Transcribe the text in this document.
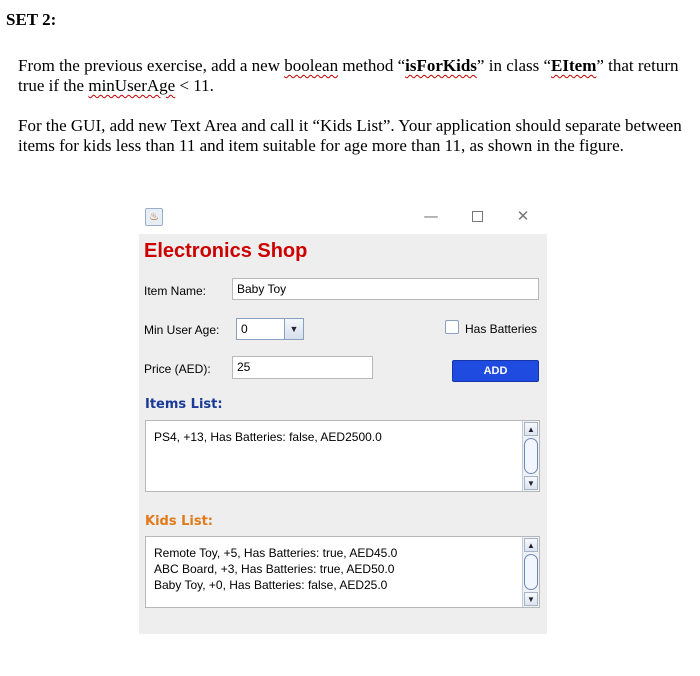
SET 2:
From the previous exercise, add a new boolean method “isForKids” in class “EItem” that return true if the minUserAge < 11.
For the GUI, add new Text Area and call it “Kids List”. Your application should separate between items for kids less than 11 and item suitable for age more than 11, as shown in the figure.
♨	—	✕
Electronics Shop
Item Name:	Baby Toy
Min User Age: 0	▼	Has Batteries
Price (AED):	25	ADD
Items List:
PS4, +13, Has Batteries: false, AED2500.0
▲
▼
Kids List:
Remote Toy, +5, Has Batteries: true, AED45.0
ABC Board, +3, Has Batteries: true, AED50.0
Baby Toy, +0, Has Batteries: false, AED25.0
▲
▼
